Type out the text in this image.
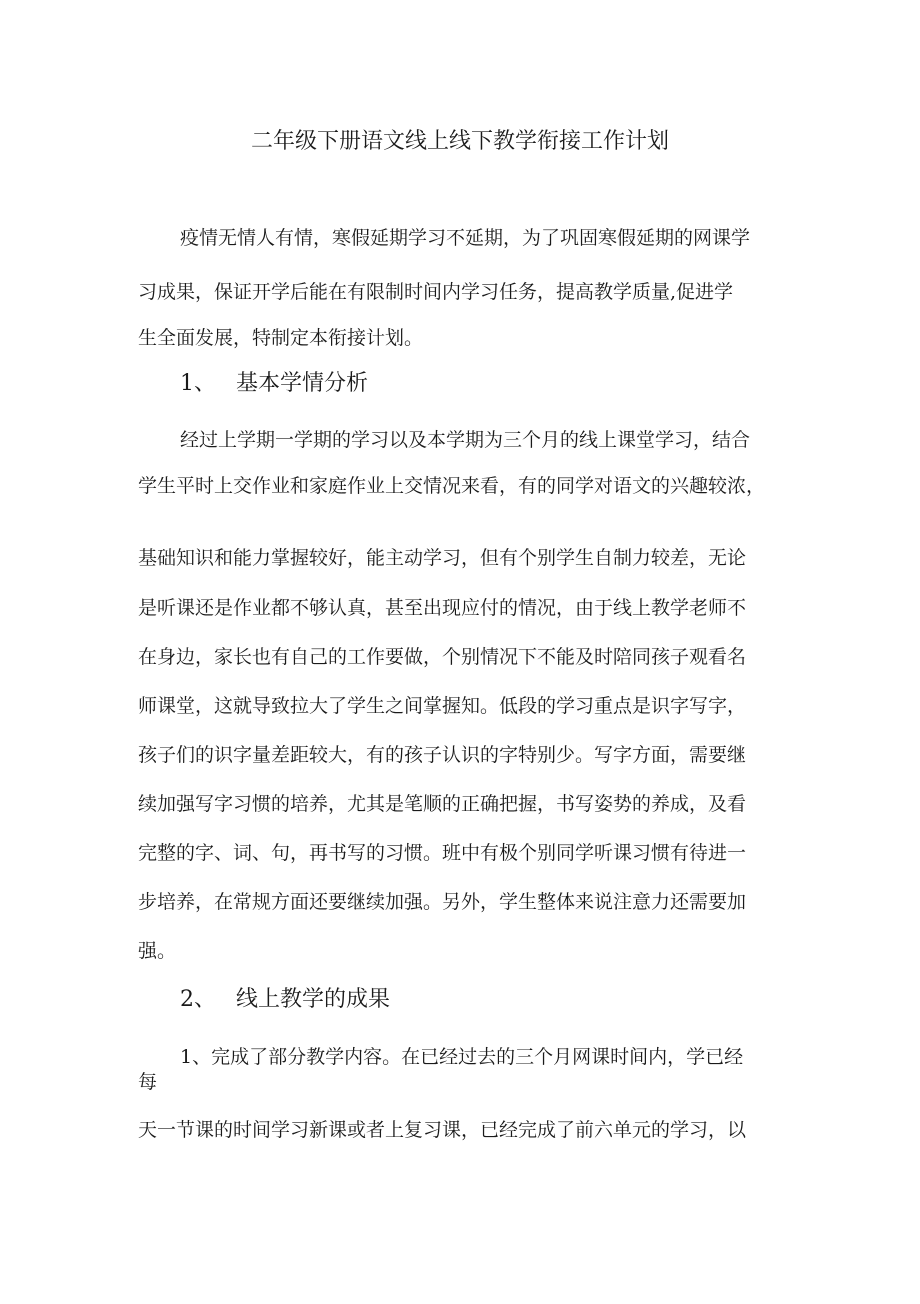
二年级下册语文线上线下教学衔接工作计划
疫情无情人有情，寒假延期学习不延期，为了巩固寒假延期的网课学
习成果，保证开学后能在有限制时间内学习任务，提高教学质量,促进学
生全面发展，特制定本衔接计划。
1、 基本学情分析
经过上学期一学期的学习以及本学期为三个月的线上课堂学习，结合
学生平时上交作业和家庭作业上交情况来看，有的同学对语文的兴趣较浓，
基础知识和能力掌握较好，能主动学习，但有个别学生自制力较差，无论
是听课还是作业都不够认真，甚至出现应付的情况，由于线上教学老师不
在身边，家长也有自己的工作要做，个别情况下不能及时陪同孩子观看名
师课堂，这就导致拉大了学生之间掌握知。低段的学习重点是识字写字，
孩子们的识字量差距较大，有的孩子认识的字特别少。写字方面，需要继
续加强写字习惯的培养，尤其是笔顺的正确把握，书写姿势的养成，及看
完整的字、词、句，再书写的习惯。班中有极个别同学听课习惯有待进一
步培养，在常规方面还要继续加强。另外，学生整体来说注意力还需要加
强。
2、 线上教学的成果
1、完成了部分教学内容。在已经过去的三个月网课时间内，学已经
每
天一节课的时间学习新课或者上复习课，已经完成了前六单元的学习，以
